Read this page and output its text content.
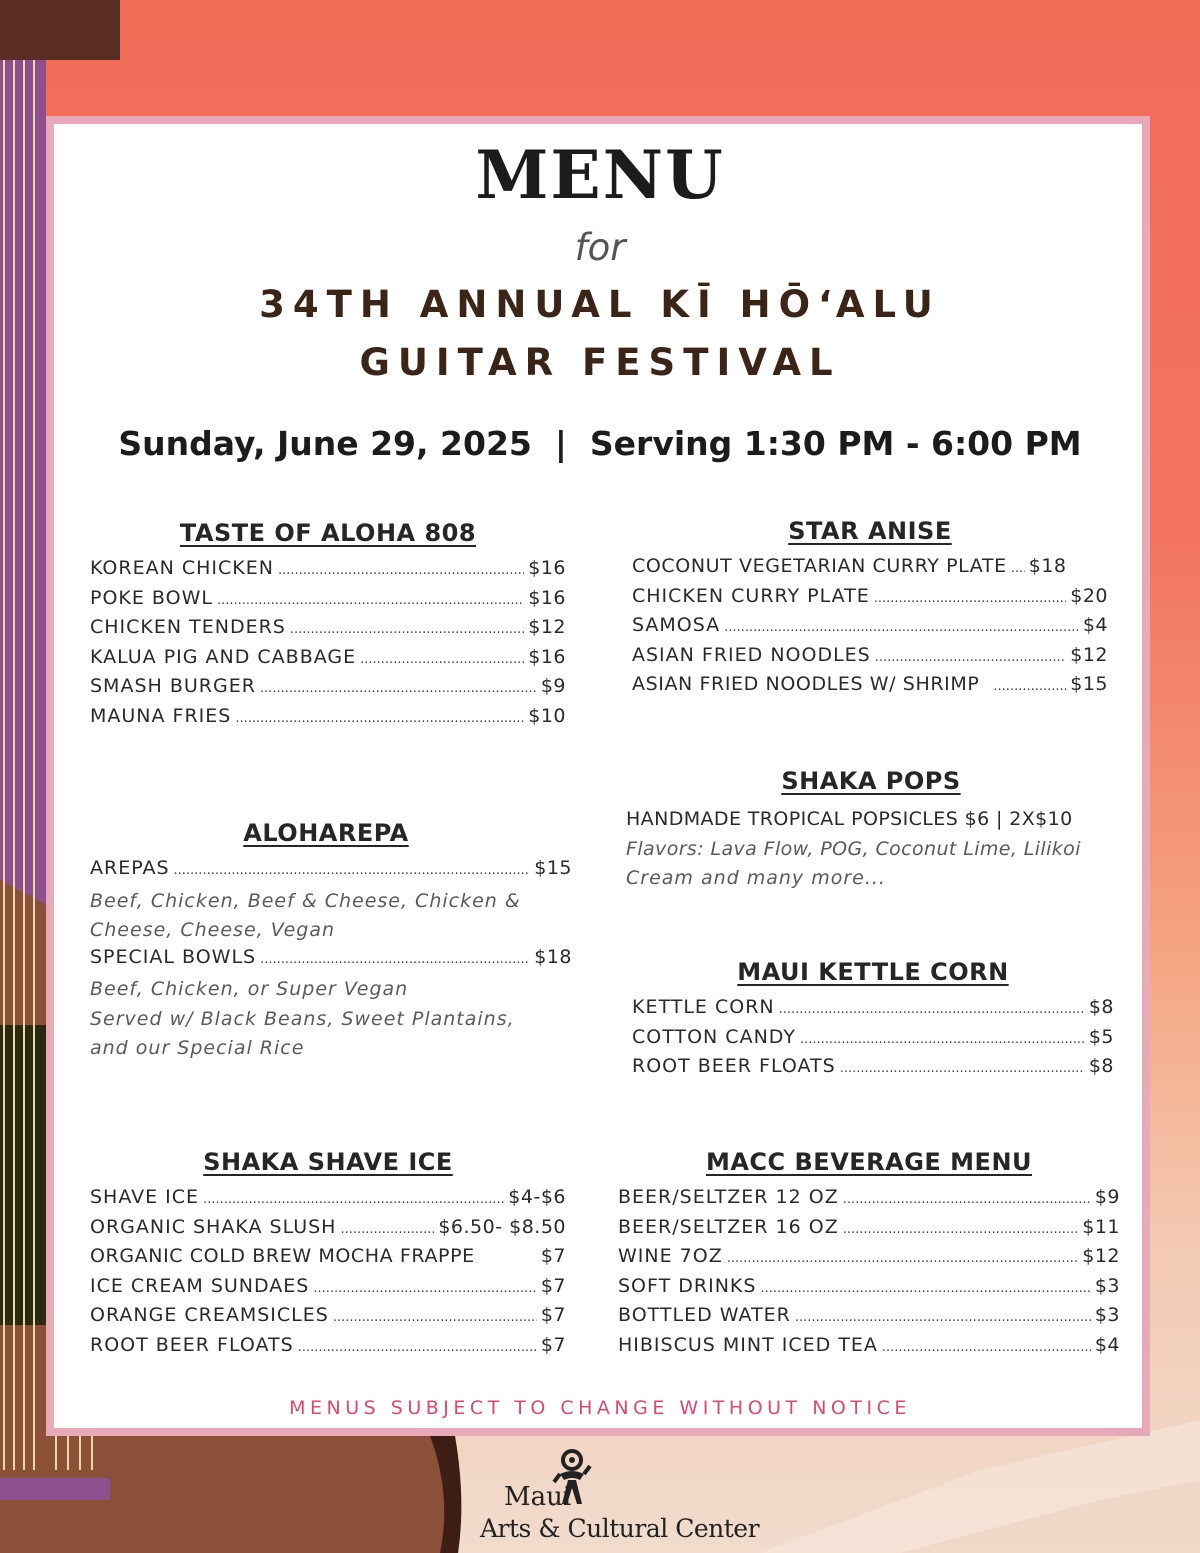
MENU
for
34TH ANNUAL KĪ HŌʻALU
GUITAR FESTIVAL
Sunday, June 29, 2025  |  Serving 1:30 PM - 6:00 PM
TASTE OF ALOHA 808
KOREAN CHICKEN .....	$16
POKE BOWL .....	$16
CHICKEN TENDERS .....	$12
KALUA PIG AND CABBAGE .....	$16
SMASH BURGER .....	$9
MAUNA FRIES .....	$10
STAR ANISE
COCONUT VEGETARIAN CURRY PLATE ..... $18
CHICKEN CURRY PLATE .....	$20
SAMOSA .....	$4
ASIAN FRIED NOODLES .....	$12
ASIAN FRIED NOODLES W/ SHRIMP .....	$15
SHAKA POPS
HANDMADE TROPICAL POPSICLES $6 | 2X$10
Flavors: Lava Flow, POG, Coconut Lime, Lilikoi
Cream and many more...
ALOHAREPA
AREPAS .....	$15
Beef, Chicken, Beef & Cheese, Chicken &
Cheese, Cheese, Vegan
SPECIAL BOWLS .....	$18
Beef, Chicken, or Super Vegan
Served w/ Black Beans, Sweet Plantains,
and our Special Rice
MAUI KETTLE CORN
KETTLE CORN .....	$8
COTTON CANDY .....	$5
ROOT BEER FLOATS .....	$8
SHAKA SHAVE ICE
SHAVE ICE .....	$4-$6
ORGANIC SHAKA SLUSH .....	$6.50- $8.50
ORGANIC COLD BREW MOCHA FRAPPE	$7
ICE CREAM SUNDAES .....	$7
ORANGE CREAMSICLES .....	$7
ROOT BEER FLOATS .....	$7
MACC BEVERAGE MENU
BEER/SELTZER 12 OZ .....	$9
BEER/SELTZER 16 OZ .....	$11
WINE 7OZ .....	$12
SOFT DRINKS .....	$3
BOTTLED WATER .....	$3
HIBISCUS MINT ICED TEA .....	$4
MENUS SUBJECT TO CHANGE WITHOUT NOTICE
Maui
Arts & Cultural Center
